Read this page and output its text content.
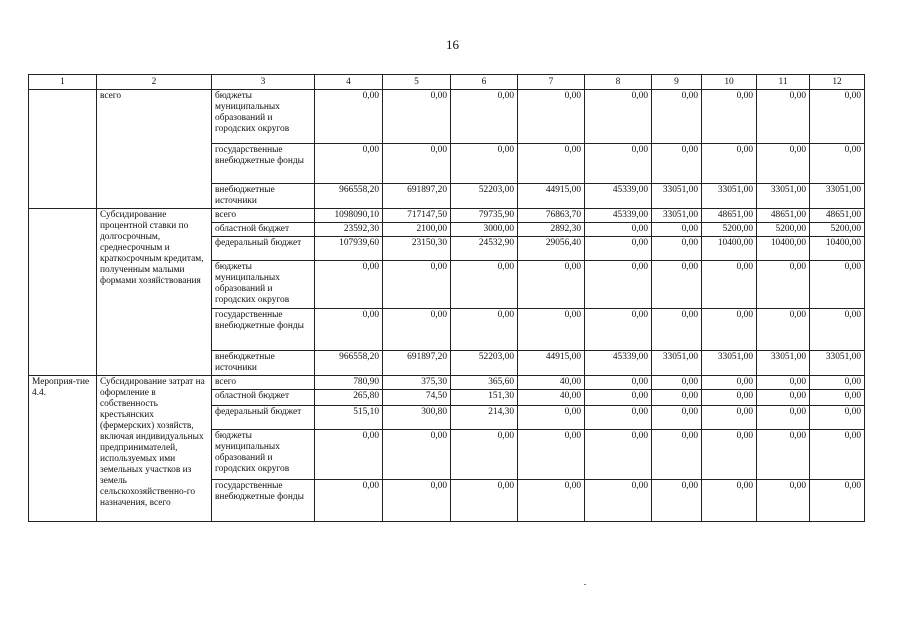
16
1	2	3	4	5	6	7	8	9	10	11	12
	всего	бюджеты муниципальных образований и городских округов	0,00	0,00	0,00	0,00	0,00	0,00	0,00	0,00	0,00
		государственные внебюджетные фонды	0,00	0,00	0,00	0,00	0,00	0,00	0,00	0,00	0,00
		внебюджетные источники	966558,20	691897,20	52203,00	44915,00	45339,00	33051,00	33051,00	33051,00	33051,00
	Субсидирование процентной ставки по долгосрочным, среднесрочным и краткосрочным кредитам, полученным малыми формами хозяйствования	всего	1098090,10	717147,50	79735,90	76863,70	45339,00	33051,00	48651,00	48651,00	48651,00
		областной бюджет	23592,30	2100,00	3000,00	2892,30	0,00	0,00	5200,00	5200,00	5200,00
		федеральный бюджет	107939,60	23150,30	24532,90	29056,40	0,00	0,00	10400,00	10400,00	10400,00
		бюджеты муниципальных образований и городских округов	0,00	0,00	0,00	0,00	0,00	0,00	0,00	0,00	0,00
		государственные внебюджетные фонды	0,00	0,00	0,00	0,00	0,00	0,00	0,00	0,00	0,00
		внебюджетные источники	966558,20	691897,20	52203,00	44915,00	45339,00	33051,00	33051,00	33051,00	33051,00
Мероприя-тие 4.4.	Субсидирование затрат на оформление в собственность крестьянских (фермерских) хозяйств, включая индивидуальных предпринимателей, используемых ими земельных участков из земель сельскохозяйственно-го назначения, всего	всего	780,90	375,30	365,60	40,00	0,00	0,00	0,00	0,00	0,00
		областной бюджет	265,80	74,50	151,30	40,00	0,00	0,00	0,00	0,00	0,00
		федеральный бюджет	515,10	300,80	214,30	0,00	0,00	0,00	0,00	0,00	0,00
		бюджеты муниципальных образований и городских округов	0,00	0,00	0,00	0,00	0,00	0,00	0,00	0,00	0,00
		государственные внебюджетные фонды	0,00	0,00	0,00	0,00	0,00	0,00	0,00	0,00	0,00
